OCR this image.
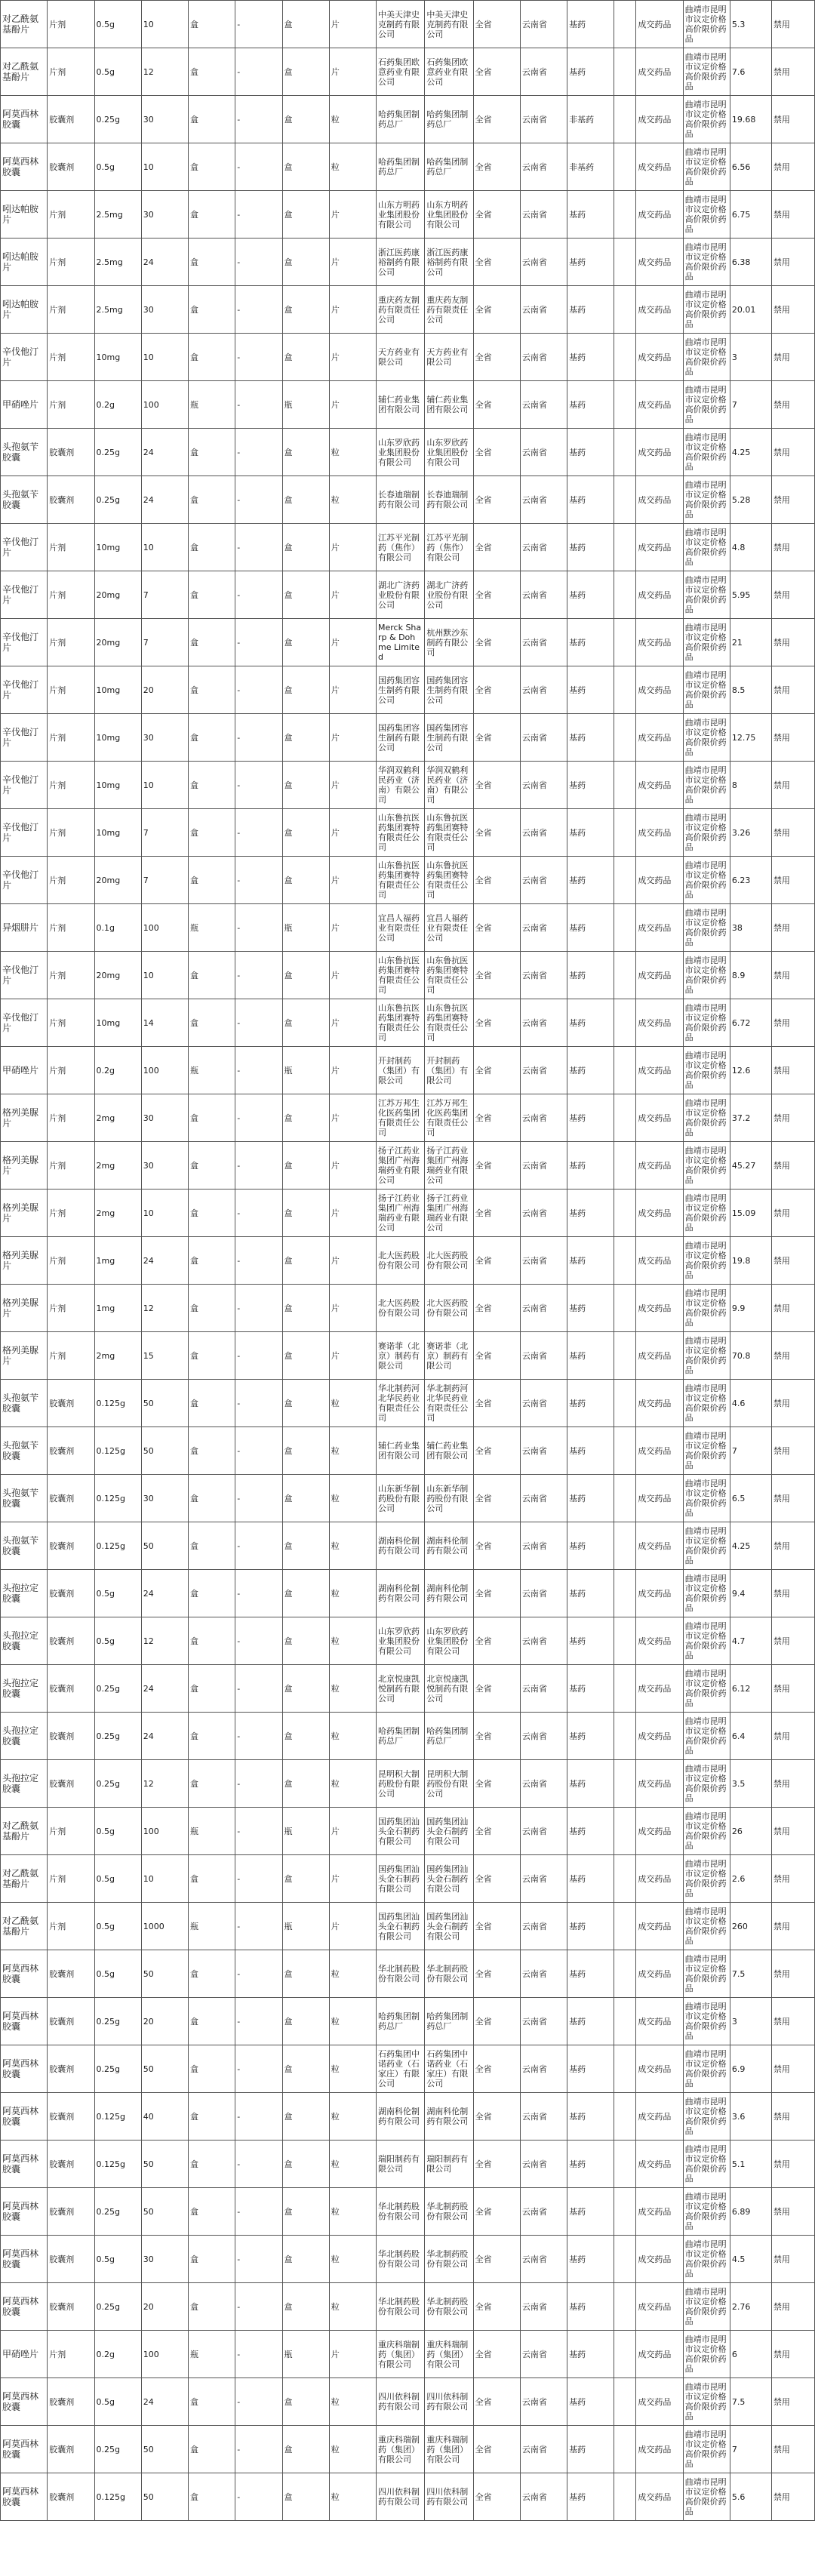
对乙酰氨基酚片	片剂	0.5g	10	盒	-	盒	片	中美天津史克制药有限公司	中美天津史克制药有限公司	全省	云南省	基药		成交药品	曲靖市昆明市议定价格高价限价药品	5.3	禁用
对乙酰氨基酚片	片剂	0.5g	12	盒	-	盒	片	石药集团欧意药业有限公司	石药集团欧意药业有限公司	全省	云南省	基药		成交药品	曲靖市昆明市议定价格高价限价药品	7.6	禁用
阿莫西林胶囊	胶囊剂	0.25g	30	盒	-	盒	粒	哈药集团制药总厂	哈药集团制药总厂	全省	云南省	非基药		成交药品	曲靖市昆明市议定价格高价限价药品	19.68	禁用
阿莫西林胶囊	胶囊剂	0.5g	10	盒	-	盒	粒	哈药集团制药总厂	哈药集团制药总厂	全省	云南省	非基药		成交药品	曲靖市昆明市议定价格高价限价药品	6.56	禁用
吲达帕胺片	片剂	2.5mg	30	盒	-	盒	片	山东方明药业集团股份有限公司	山东方明药业集团股份有限公司	全省	云南省	基药		成交药品	曲靖市昆明市议定价格高价限价药品	6.75	禁用
吲达帕胺片	片剂	2.5mg	24	盒	-	盒	片	浙江医药康裕制药有限公司	浙江医药康裕制药有限公司	全省	云南省	基药		成交药品	曲靖市昆明市议定价格高价限价药品	6.38	禁用
吲达帕胺片	片剂	2.5mg	30	盒	-	盒	片	重庆药友制药有限责任公司	重庆药友制药有限责任公司	全省	云南省	基药		成交药品	曲靖市昆明市议定价格高价限价药品	20.01	禁用
辛伐他汀片	片剂	10mg	10	盒	-	盒	片	天方药业有限公司	天方药业有限公司	全省	云南省	基药		成交药品	曲靖市昆明市议定价格高价限价药品	3	禁用
甲硝唑片	片剂	0.2g	100	瓶	-	瓶	片	辅仁药业集团有限公司	辅仁药业集团有限公司	全省	云南省	基药		成交药品	曲靖市昆明市议定价格高价限价药品	7	禁用
头孢氨苄胶囊	胶囊剂	0.25g	24	盒	-	盒	粒	山东罗欣药业集团股份有限公司	山东罗欣药业集团股份有限公司	全省	云南省	基药		成交药品	曲靖市昆明市议定价格高价限价药品	4.25	禁用
头孢氨苄胶囊	胶囊剂	0.25g	24	盒	-	盒	粒	长春迪瑞制药有限公司	长春迪瑞制药有限公司	全省	云南省	基药		成交药品	曲靖市昆明市议定价格高价限价药品	5.28	禁用
辛伐他汀片	片剂	10mg	10	盒	-	盒	片	江苏平光制药（焦作）有限公司	江苏平光制药（焦作）有限公司	全省	云南省	基药		成交药品	曲靖市昆明市议定价格高价限价药品	4.8	禁用
辛伐他汀片	片剂	20mg	7	盒	-	盒	片	湖北广济药业股份有限公司	湖北广济药业股份有限公司	全省	云南省	基药		成交药品	曲靖市昆明市议定价格高价限价药品	5.95	禁用
辛伐他汀片	片剂	20mg	7	盒	-	盒	片	Merck Sharp & Dohme Limited	杭州默沙东制药有限公司	全省	云南省	基药		成交药品	曲靖市昆明市议定价格高价限价药品	21	禁用
辛伐他汀片	片剂	10mg	20	盒	-	盒	片	国药集团容生制药有限公司	国药集团容生制药有限公司	全省	云南省	基药		成交药品	曲靖市昆明市议定价格高价限价药品	8.5	禁用
辛伐他汀片	片剂	10mg	30	盒	-	盒	片	国药集团容生制药有限公司	国药集团容生制药有限公司	全省	云南省	基药		成交药品	曲靖市昆明市议定价格高价限价药品	12.75	禁用
辛伐他汀片	片剂	10mg	10	盒	-	盒	片	华润双鹤利民药业（济南）有限公司	华润双鹤利民药业（济南）有限公司	全省	云南省	基药		成交药品	曲靖市昆明市议定价格高价限价药品	8	禁用
辛伐他汀片	片剂	10mg	7	盒	-	盒	片	山东鲁抗医药集团赛特有限责任公司	山东鲁抗医药集团赛特有限责任公司	全省	云南省	基药		成交药品	曲靖市昆明市议定价格高价限价药品	3.26	禁用
辛伐他汀片	片剂	20mg	7	盒	-	盒	片	山东鲁抗医药集团赛特有限责任公司	山东鲁抗医药集团赛特有限责任公司	全省	云南省	基药		成交药品	曲靖市昆明市议定价格高价限价药品	6.23	禁用
异烟肼片	片剂	0.1g	100	瓶	-	瓶	片	宜昌人福药业有限责任公司	宜昌人福药业有限责任公司	全省	云南省	基药		成交药品	曲靖市昆明市议定价格高价限价药品	38	禁用
辛伐他汀片	片剂	20mg	10	盒	-	盒	片	山东鲁抗医药集团赛特有限责任公司	山东鲁抗医药集团赛特有限责任公司	全省	云南省	基药		成交药品	曲靖市昆明市议定价格高价限价药品	8.9	禁用
辛伐他汀片	片剂	10mg	14	盒	-	盒	片	山东鲁抗医药集团赛特有限责任公司	山东鲁抗医药集团赛特有限责任公司	全省	云南省	基药		成交药品	曲靖市昆明市议定价格高价限价药品	6.72	禁用
甲硝唑片	片剂	0.2g	100	瓶	-	瓶	片	开封制药（集团）有限公司	开封制药（集团）有限公司	全省	云南省	基药		成交药品	曲靖市昆明市议定价格高价限价药品	12.6	禁用
格列美脲片	片剂	2mg	30	盒	-	盒	片	江苏万邦生化医药集团有限责任公司	江苏万邦生化医药集团有限责任公司	全省	云南省	基药		成交药品	曲靖市昆明市议定价格高价限价药品	37.2	禁用
格列美脲片	片剂	2mg	30	盒	-	盒	片	扬子江药业集团广州海瑞药业有限公司	扬子江药业集团广州海瑞药业有限公司	全省	云南省	基药		成交药品	曲靖市昆明市议定价格高价限价药品	45.27	禁用
格列美脲片	片剂	2mg	10	盒	-	盒	片	扬子江药业集团广州海瑞药业有限公司	扬子江药业集团广州海瑞药业有限公司	全省	云南省	基药		成交药品	曲靖市昆明市议定价格高价限价药品	15.09	禁用
格列美脲片	片剂	1mg	24	盒	-	盒	片	北大医药股份有限公司	北大医药股份有限公司	全省	云南省	基药		成交药品	曲靖市昆明市议定价格高价限价药品	19.8	禁用
格列美脲片	片剂	1mg	12	盒	-	盒	片	北大医药股份有限公司	北大医药股份有限公司	全省	云南省	基药		成交药品	曲靖市昆明市议定价格高价限价药品	9.9	禁用
格列美脲片	片剂	2mg	15	盒	-	盒	片	赛诺菲（北京）制药有限公司	赛诺菲（北京）制药有限公司	全省	云南省	基药		成交药品	曲靖市昆明市议定价格高价限价药品	70.8	禁用
头孢氨苄胶囊	胶囊剂	0.125g	50	盒	-	盒	粒	华北制药河北华民药业有限责任公司	华北制药河北华民药业有限责任公司	全省	云南省	基药		成交药品	曲靖市昆明市议定价格高价限价药品	4.6	禁用
头孢氨苄胶囊	胶囊剂	0.125g	50	盒	-	盒	粒	辅仁药业集团有限公司	辅仁药业集团有限公司	全省	云南省	基药		成交药品	曲靖市昆明市议定价格高价限价药品	7	禁用
头孢氨苄胶囊	胶囊剂	0.125g	30	盒	-	盒	粒	山东新华制药股份有限公司	山东新华制药股份有限公司	全省	云南省	基药		成交药品	曲靖市昆明市议定价格高价限价药品	6.5	禁用
头孢氨苄胶囊	胶囊剂	0.125g	50	盒	-	盒	粒	湖南科伦制药有限公司	湖南科伦制药有限公司	全省	云南省	基药		成交药品	曲靖市昆明市议定价格高价限价药品	4.25	禁用
头孢拉定胶囊	胶囊剂	0.5g	24	盒	-	盒	粒	湖南科伦制药有限公司	湖南科伦制药有限公司	全省	云南省	基药		成交药品	曲靖市昆明市议定价格高价限价药品	9.4	禁用
头孢拉定胶囊	胶囊剂	0.5g	12	盒	-	盒	粒	山东罗欣药业集团股份有限公司	山东罗欣药业集团股份有限公司	全省	云南省	基药		成交药品	曲靖市昆明市议定价格高价限价药品	4.7	禁用
头孢拉定胶囊	胶囊剂	0.25g	24	盒	-	盒	粒	北京悦康凯悦制药有限公司	北京悦康凯悦制药有限公司	全省	云南省	基药		成交药品	曲靖市昆明市议定价格高价限价药品	6.12	禁用
头孢拉定胶囊	胶囊剂	0.25g	24	盒	-	盒	粒	哈药集团制药总厂	哈药集团制药总厂	全省	云南省	基药		成交药品	曲靖市昆明市议定价格高价限价药品	6.4	禁用
头孢拉定胶囊	胶囊剂	0.25g	12	盒	-	盒	粒	昆明积大制药股份有限公司	昆明积大制药股份有限公司	全省	云南省	基药		成交药品	曲靖市昆明市议定价格高价限价药品	3.5	禁用
对乙酰氨基酚片	片剂	0.5g	100	瓶	-	瓶	片	国药集团汕头金石制药有限公司	国药集团汕头金石制药有限公司	全省	云南省	基药		成交药品	曲靖市昆明市议定价格高价限价药品	26	禁用
对乙酰氨基酚片	片剂	0.5g	10	盒	-	盒	片	国药集团汕头金石制药有限公司	国药集团汕头金石制药有限公司	全省	云南省	基药		成交药品	曲靖市昆明市议定价格高价限价药品	2.6	禁用
对乙酰氨基酚片	片剂	0.5g	1000	瓶	-	瓶	片	国药集团汕头金石制药有限公司	国药集团汕头金石制药有限公司	全省	云南省	基药		成交药品	曲靖市昆明市议定价格高价限价药品	260	禁用
阿莫西林胶囊	胶囊剂	0.5g	50	盒	-	盒	粒	华北制药股份有限公司	华北制药股份有限公司	全省	云南省	基药		成交药品	曲靖市昆明市议定价格高价限价药品	7.5	禁用
阿莫西林胶囊	胶囊剂	0.25g	20	盒	-	盒	粒	哈药集团制药总厂	哈药集团制药总厂	全省	云南省	基药		成交药品	曲靖市昆明市议定价格高价限价药品	3	禁用
阿莫西林胶囊	胶囊剂	0.25g	50	盒	-	盒	粒	石药集团中诺药业（石家庄）有限公司	石药集团中诺药业（石家庄）有限公司	全省	云南省	基药		成交药品	曲靖市昆明市议定价格高价限价药品	6.9	禁用
阿莫西林胶囊	胶囊剂	0.125g	40	盒	-	盒	粒	湖南科伦制药有限公司	湖南科伦制药有限公司	全省	云南省	基药		成交药品	曲靖市昆明市议定价格高价限价药品	3.6	禁用
阿莫西林胶囊	胶囊剂	0.125g	50	盒	-	盒	粒	瑞阳制药有限公司	瑞阳制药有限公司	全省	云南省	基药		成交药品	曲靖市昆明市议定价格高价限价药品	5.1	禁用
阿莫西林胶囊	胶囊剂	0.25g	50	盒	-	盒	粒	华北制药股份有限公司	华北制药股份有限公司	全省	云南省	基药		成交药品	曲靖市昆明市议定价格高价限价药品	6.89	禁用
阿莫西林胶囊	胶囊剂	0.5g	30	盒	-	盒	粒	华北制药股份有限公司	华北制药股份有限公司	全省	云南省	基药		成交药品	曲靖市昆明市议定价格高价限价药品	4.5	禁用
阿莫西林胶囊	胶囊剂	0.25g	20	盒	-	盒	粒	华北制药股份有限公司	华北制药股份有限公司	全省	云南省	基药		成交药品	曲靖市昆明市议定价格高价限价药品	2.76	禁用
甲硝唑片	片剂	0.2g	100	瓶	-	瓶	片	重庆科瑞制药（集团）有限公司	重庆科瑞制药（集团）有限公司	全省	云南省	基药		成交药品	曲靖市昆明市议定价格高价限价药品	6	禁用
阿莫西林胶囊	胶囊剂	0.5g	24	盒	-	盒	粒	四川依科制药有限公司	四川依科制药有限公司	全省	云南省	基药		成交药品	曲靖市昆明市议定价格高价限价药品	7.5	禁用
阿莫西林胶囊	胶囊剂	0.25g	50	盒	-	盒	粒	重庆科瑞制药（集团）有限公司	重庆科瑞制药（集团）有限公司	全省	云南省	基药		成交药品	曲靖市昆明市议定价格高价限价药品	7	禁用
阿莫西林胶囊	胶囊剂	0.125g	50	盒	-	盒	粒	四川依科制药有限公司	四川依科制药有限公司	全省	云南省	基药		成交药品	曲靖市昆明市议定价格高价限价药品	5.6	禁用
